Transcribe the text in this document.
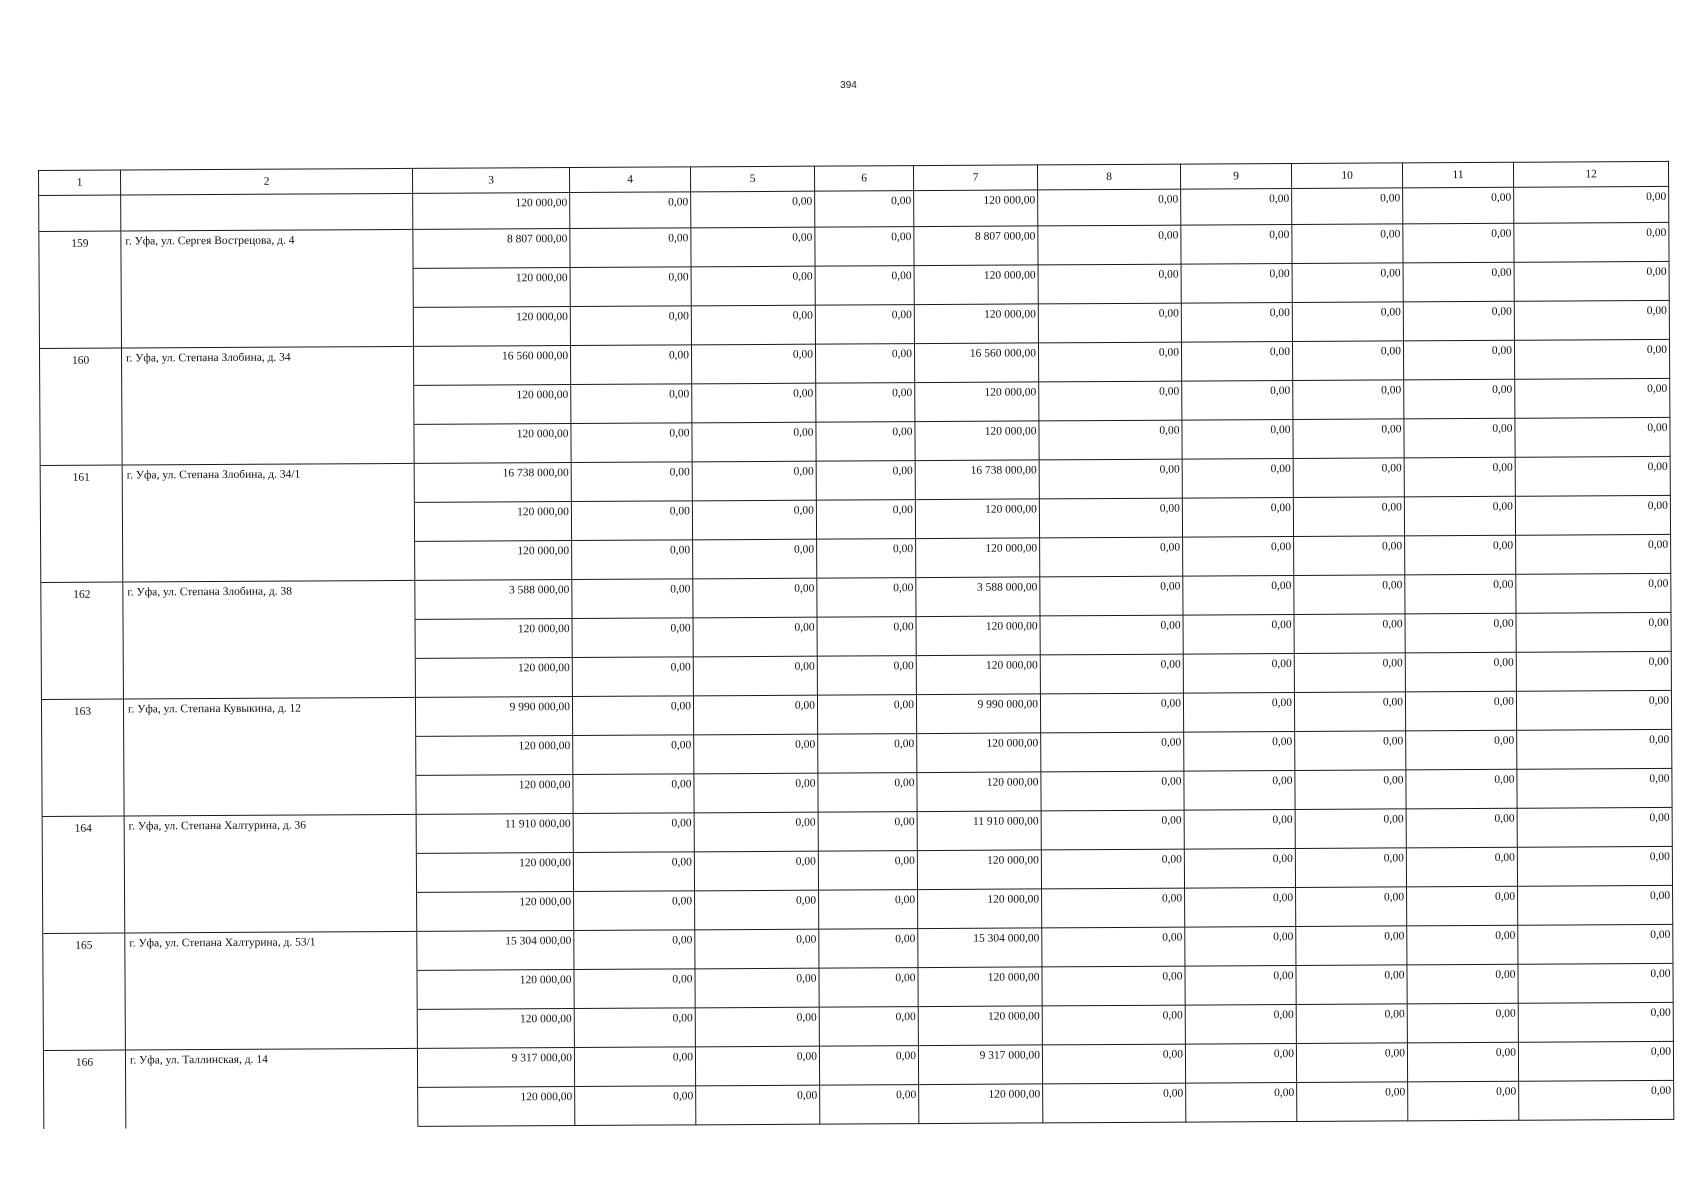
394
1	2	3	4	5	6	7	8	9	10	11	12
		120 000,00	0,00	0,00	0,00	120 000,00	0,00	0,00	0,00	0,00	0,00
159	г. Уфа, ул. Сергея Вострецова, д. 4	8 807 000,00	0,00	0,00	0,00	8 807 000,00	0,00	0,00	0,00	0,00	0,00
		120 000,00	0,00	0,00	0,00	120 000,00	0,00	0,00	0,00	0,00	0,00
		120 000,00	0,00	0,00	0,00	120 000,00	0,00	0,00	0,00	0,00	0,00
160	г. Уфа, ул. Степана Злобина, д. 34	16 560 000,00	0,00	0,00	0,00	16 560 000,00	0,00	0,00	0,00	0,00	0,00
		120 000,00	0,00	0,00	0,00	120 000,00	0,00	0,00	0,00	0,00	0,00
		120 000,00	0,00	0,00	0,00	120 000,00	0,00	0,00	0,00	0,00	0,00
161	г. Уфа, ул. Степана Злобина, д. 34/1	16 738 000,00	0,00	0,00	0,00	16 738 000,00	0,00	0,00	0,00	0,00	0,00
		120 000,00	0,00	0,00	0,00	120 000,00	0,00	0,00	0,00	0,00	0,00
		120 000,00	0,00	0,00	0,00	120 000,00	0,00	0,00	0,00	0,00	0,00
162	г. Уфа, ул. Степана Злобина, д. 38	3 588 000,00	0,00	0,00	0,00	3 588 000,00	0,00	0,00	0,00	0,00	0,00
		120 000,00	0,00	0,00	0,00	120 000,00	0,00	0,00	0,00	0,00	0,00
		120 000,00	0,00	0,00	0,00	120 000,00	0,00	0,00	0,00	0,00	0,00
163	г. Уфа, ул. Степана Кувыкина, д. 12	9 990 000,00	0,00	0,00	0,00	9 990 000,00	0,00	0,00	0,00	0,00	0,00
		120 000,00	0,00	0,00	0,00	120 000,00	0,00	0,00	0,00	0,00	0,00
		120 000,00	0,00	0,00	0,00	120 000,00	0,00	0,00	0,00	0,00	0,00
164	г. Уфа, ул. Степана Халтурина, д. 36	11 910 000,00	0,00	0,00	0,00	11 910 000,00	0,00	0,00	0,00	0,00	0,00
		120 000,00	0,00	0,00	0,00	120 000,00	0,00	0,00	0,00	0,00	0,00
		120 000,00	0,00	0,00	0,00	120 000,00	0,00	0,00	0,00	0,00	0,00
165	г. Уфа, ул. Степана Халтурина, д. 53/1	15 304 000,00	0,00	0,00	0,00	15 304 000,00	0,00	0,00	0,00	0,00	0,00
		120 000,00	0,00	0,00	0,00	120 000,00	0,00	0,00	0,00	0,00	0,00
		120 000,00	0,00	0,00	0,00	120 000,00	0,00	0,00	0,00	0,00	0,00
166	г. Уфа, ул. Таллинская, д. 14	9 317 000,00	0,00	0,00	0,00	9 317 000,00	0,00	0,00	0,00	0,00	0,00
		120 000,00	0,00	0,00	0,00	120 000,00	0,00	0,00	0,00	0,00	0,00
